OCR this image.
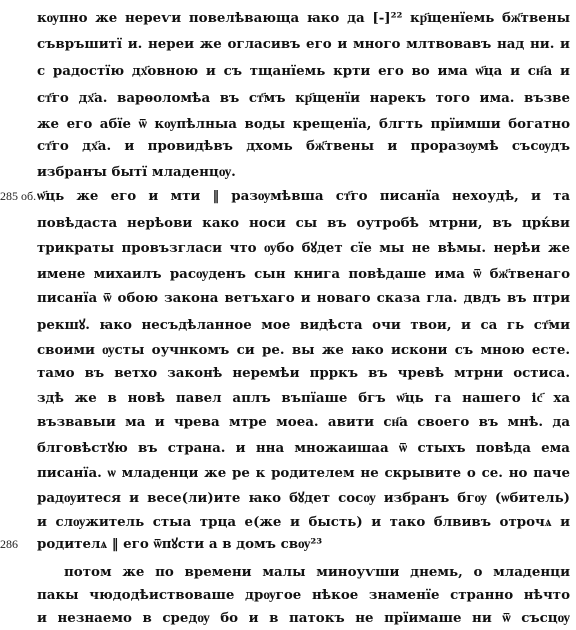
285 об.
286
кѹпно же нереѵи повелѣвающа ꙗко да [-]²² кр҃щенїемь бж҃твены
съвръшитї и. нереи же огласивъ его и много млтвовавъ над ни. и
с радостїю дх҃овною и съ тщанїемь крти его во има ѡ҃ца и сн҃а и
ст҃го дх҃а. варѳоломѣа въ ст҃мъ кр҃щенїи нарекъ того има. възве
же его абїе ѿ кѹпѣлныа воды крещенїа, блгть прїимши богатно
ст҃го дх҃а. и провидѣвъ дхомь бж҃твены и проразѹмѣ съсѹдъ
избранꙑ бытї младенцѹ.
ѡ҃ць же его и мти ‖ разѹмѣвша ст҃го писанїа нехоудѣ, и та
повѣдаста нерѣови како носи сы въ оутробѣ мтрни, въ црќви
трикраты провъзгласи что ѹбо бꙋдет сїе мы не вѣмы. нерѣи же
имене михаилъ расѹденъ сын книга повѣдаше има ѿ бж҃твенаго
писанїа ѿ обою закона ветъхаго и новаго сказа гла. двдъ въ птри
рекшꙋ. ꙗко несъдѣланное мое видѣста очи твои, и са гь ст҃ми
своими ѹсты оучнкомъ си ре. вы же ꙗко искони съ мною есте.
тамо въ ветхо законѣ неремѣи прркъ въ чревѣ мтрни остиса.
здѣ же в новѣ павел аплъ въпїаше бгъ ѡ҃ць га нашего іс҃ ха
възвавыи ма и чрева мтре моеа. авити сн҃а своего въ мнѣ. да
блговѣстꙋю въ страна. и нна множаишаа ѿ стыхъ повѣда ема
писанїа. ѡ младенци же ре к родителем не скрывите о се. но паче
радѹитеся и весе(ли)ите ꙗко бꙋдет сосѹ избранъ бгѹ (ѡбитель)
и слѹжитель стыа трца е(же и бысть) и тако блвивъ отрочѧ и
родителѧ ‖ его ѿпꙋсти а в домъ свѹ²³
потом же по времени малы миноуѵши днемь, о младенци
пакы чюдодѣиствоваше дрѹгое нѣкое знаменїе странно нѣчто
и незнаемо в средѹ бо и в патокъ не прїимаше ни ѿ съсцѹ
